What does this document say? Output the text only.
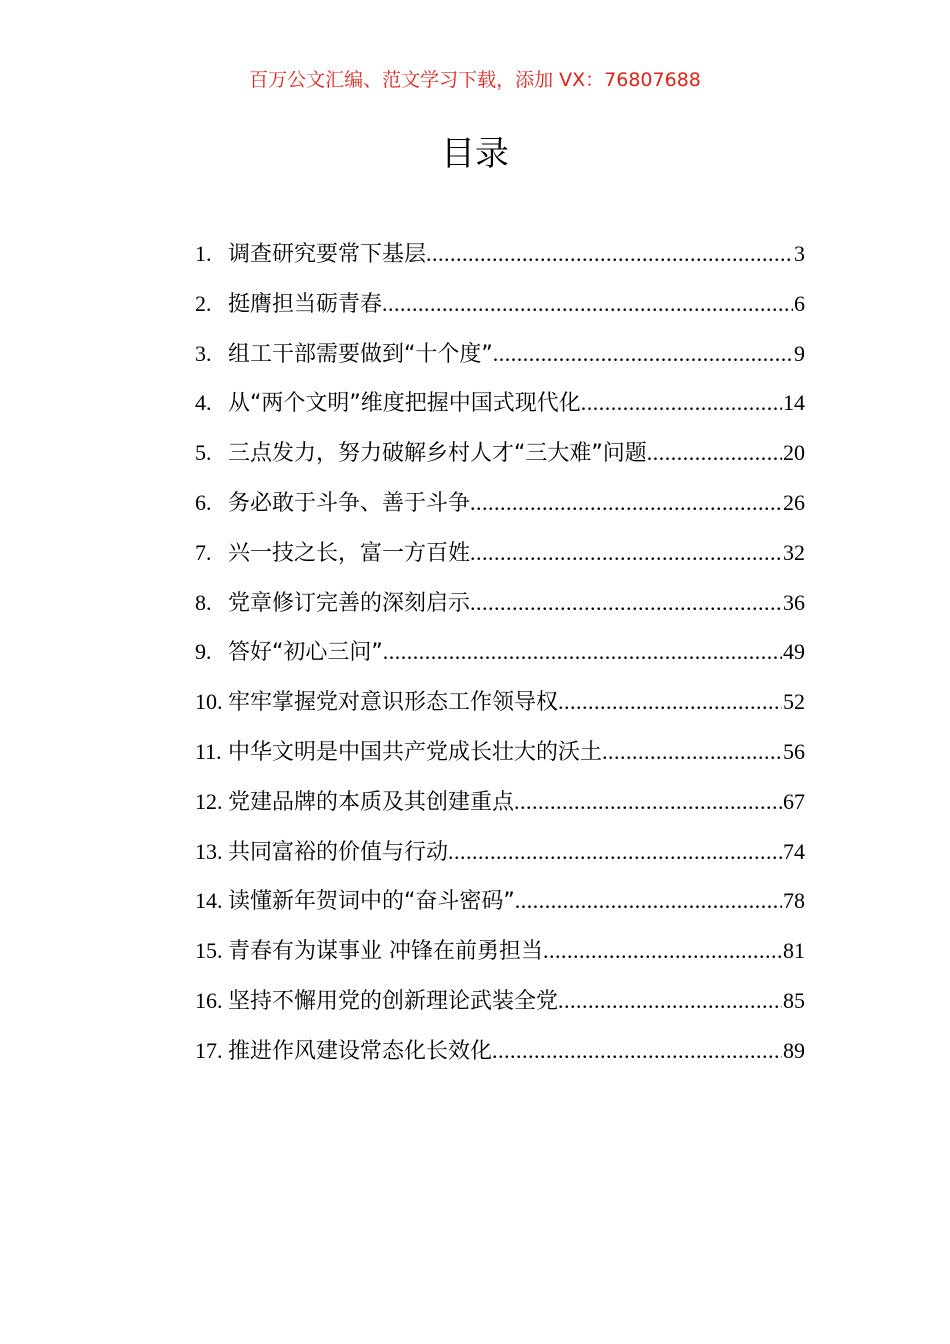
百万公文汇编、范文学习下载，添加 VX：76807688
目录
1. 调查研究要常下基层 .....	3
2. 挺膺担当砺青春 .....	6
3. 组工干部需要做到“十个度” .....	9
4. 从“两个文明”维度把握中国式现代化 .....	14
5. 三点发力，努力破解乡村人才“三大难”问题 .....	20
6. 务必敢于斗争、善于斗争 .....	26
7. 兴一技之长，富一方百姓 .....	32
8. 党章修订完善的深刻启示 .....	36
9. 答好“初心三问” .....	49
10. 牢牢掌握党对意识形态工作领导权 .....	52
11. 中华文明是中国共产党成长壮大的沃土 .....	56
12. 党建品牌的本质及其创建重点 .....	67
13. 共同富裕的价值与行动 .....	74
14. 读懂新年贺词中的“奋斗密码” .....	78
15. 青春有为谋事业 冲锋在前勇担当 .....	81
16. 坚持不懈用党的创新理论武装全党 .....	85
17. 推进作风建设常态化长效化 .....	89
